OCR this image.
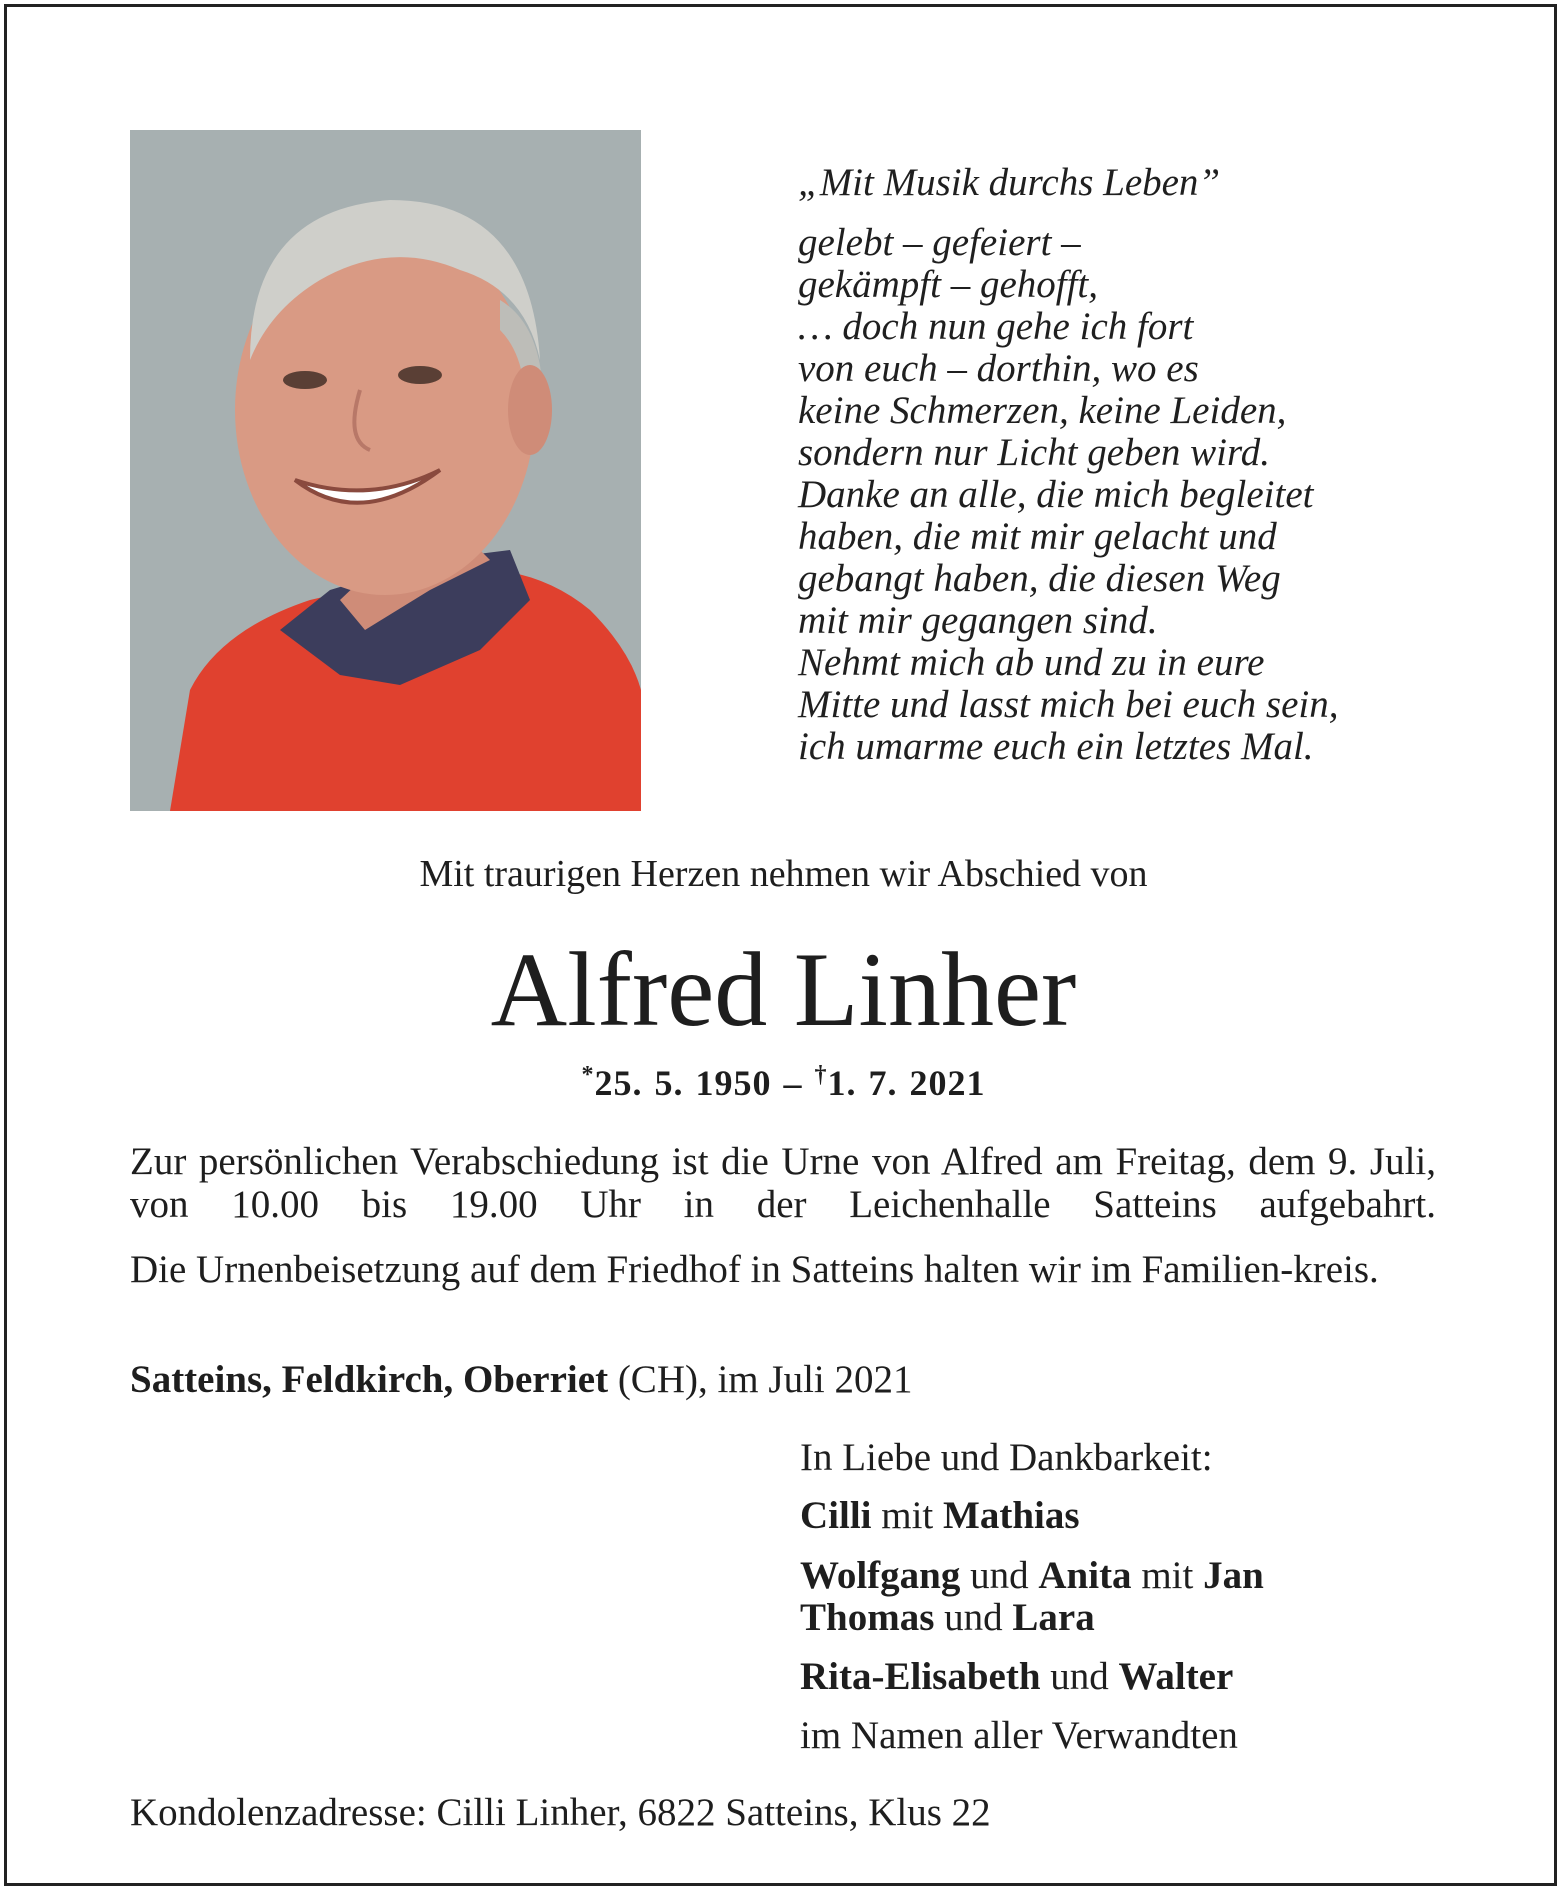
„Mit Musik durchs Leben”
gelebt – gefeiert –
gekämpft – gehofft,
… doch nun gehe ich fort
von euch – dorthin, wo es
keine Schmerzen, keine Leiden,
sondern nur Licht geben wird.
Danke an alle, die mich begleitet
haben, die mit mir gelacht und
gebangt haben, die diesen Weg
mit mir gegangen sind.
Nehmt mich ab und zu in eure
Mitte und lasst mich bei euch sein,
ich umarme euch ein letztes Mal.
Mit traurigen Herzen nehmen wir Abschied von
Alfred Linher
*25. 5. 1950 – †1. 7. 2021
Zur persönlichen Verabschiedung ist die Urne von Alfred am Freitag, dem 9. Juli, von 10.00 bis 19.00 Uhr in der Leichenhalle Satteins aufgebahrt.
Die Urnenbeisetzung auf dem Friedhof in Satteins halten wir im Familien-kreis.
Satteins, Feldkirch, Oberriet (CH), im Juli 2021
In Liebe und Dankbarkeit:
Cilli mit Mathias
Wolfgang und Anita mit Jan
Thomas und Lara
Rita-Elisabeth und Walter
im Namen aller Verwandten
Kondolenzadresse: Cilli Linher, 6822 Satteins, Klus 22
